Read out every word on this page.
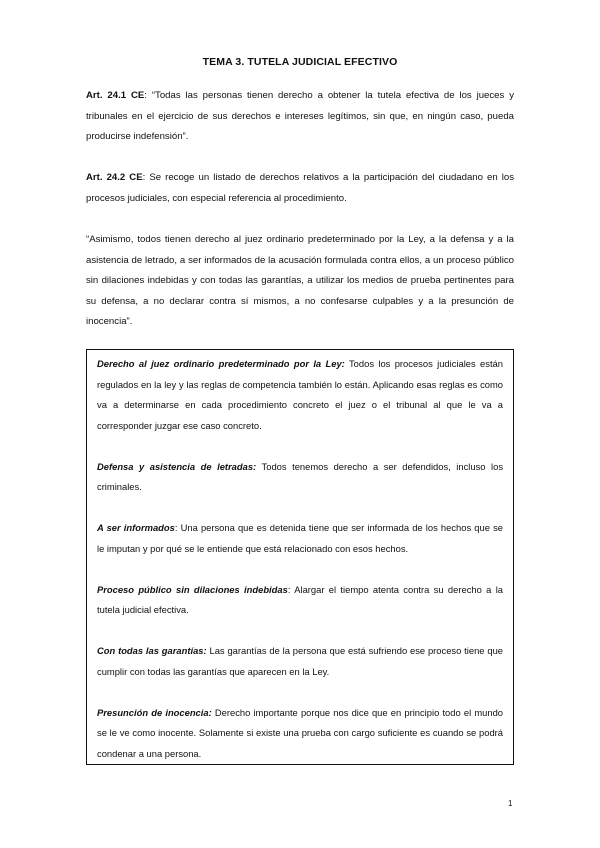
TEMA 3. TUTELA JUDICIAL EFECTIVO
Art. 24.1 CE: “Todas las personas tienen derecho a obtener la tutela efectiva de los jueces y tribunales en el ejercicio de sus derechos e intereses legítimos, sin que, en ningún caso, pueda producirse indefensión”.
Art. 24.2 CE: Se recoge un listado de derechos relativos a la participación del ciudadano en los procesos judiciales, con especial referencia al procedimiento.
“Asimismo, todos tienen derecho al juez ordinario predeterminado por la Ley, a la defensa y a la asistencia de letrado, a ser informados de la acusación formulada contra ellos, a un proceso público sin dilaciones indebidas y con todas las garantías, a utilizar los medios de prueba pertinentes para su defensa, a no declarar contra sí mismos, a no confesarse culpables y a la presunción de inocencia”.

Derecho al juez ordinario predeterminado por la Ley: Todos los procesos judiciales están regulados en la ley y las reglas de competencia también lo están. Aplicando esas reglas es como va a determinarse en cada procedimiento concreto el juez o el tribunal al que le va a corresponder juzgar ese caso concreto.

Defensa y asistencia de letradas: Todos tenemos derecho a ser defendidos, incluso los criminales.

A ser informados: Una persona que es detenida tiene que ser informada de los hechos que se le imputan y por qué se le entiende que está relacionado con esos hechos.

Proceso público sin dilaciones indebidas: Alargar el tiempo atenta contra su derecho a la tutela judicial efectiva.

Con todas las garantías: Las garantías de la persona que está sufriendo ese proceso tiene que cumplir con todas las garantías que aparecen en la Ley.

Presunción de inocencia: Derecho importante porque nos dice que en principio todo el mundo se le ve como inocente. Solamente si existe una prueba con cargo suficiente es cuando se podrá condenar a una persona.

1
